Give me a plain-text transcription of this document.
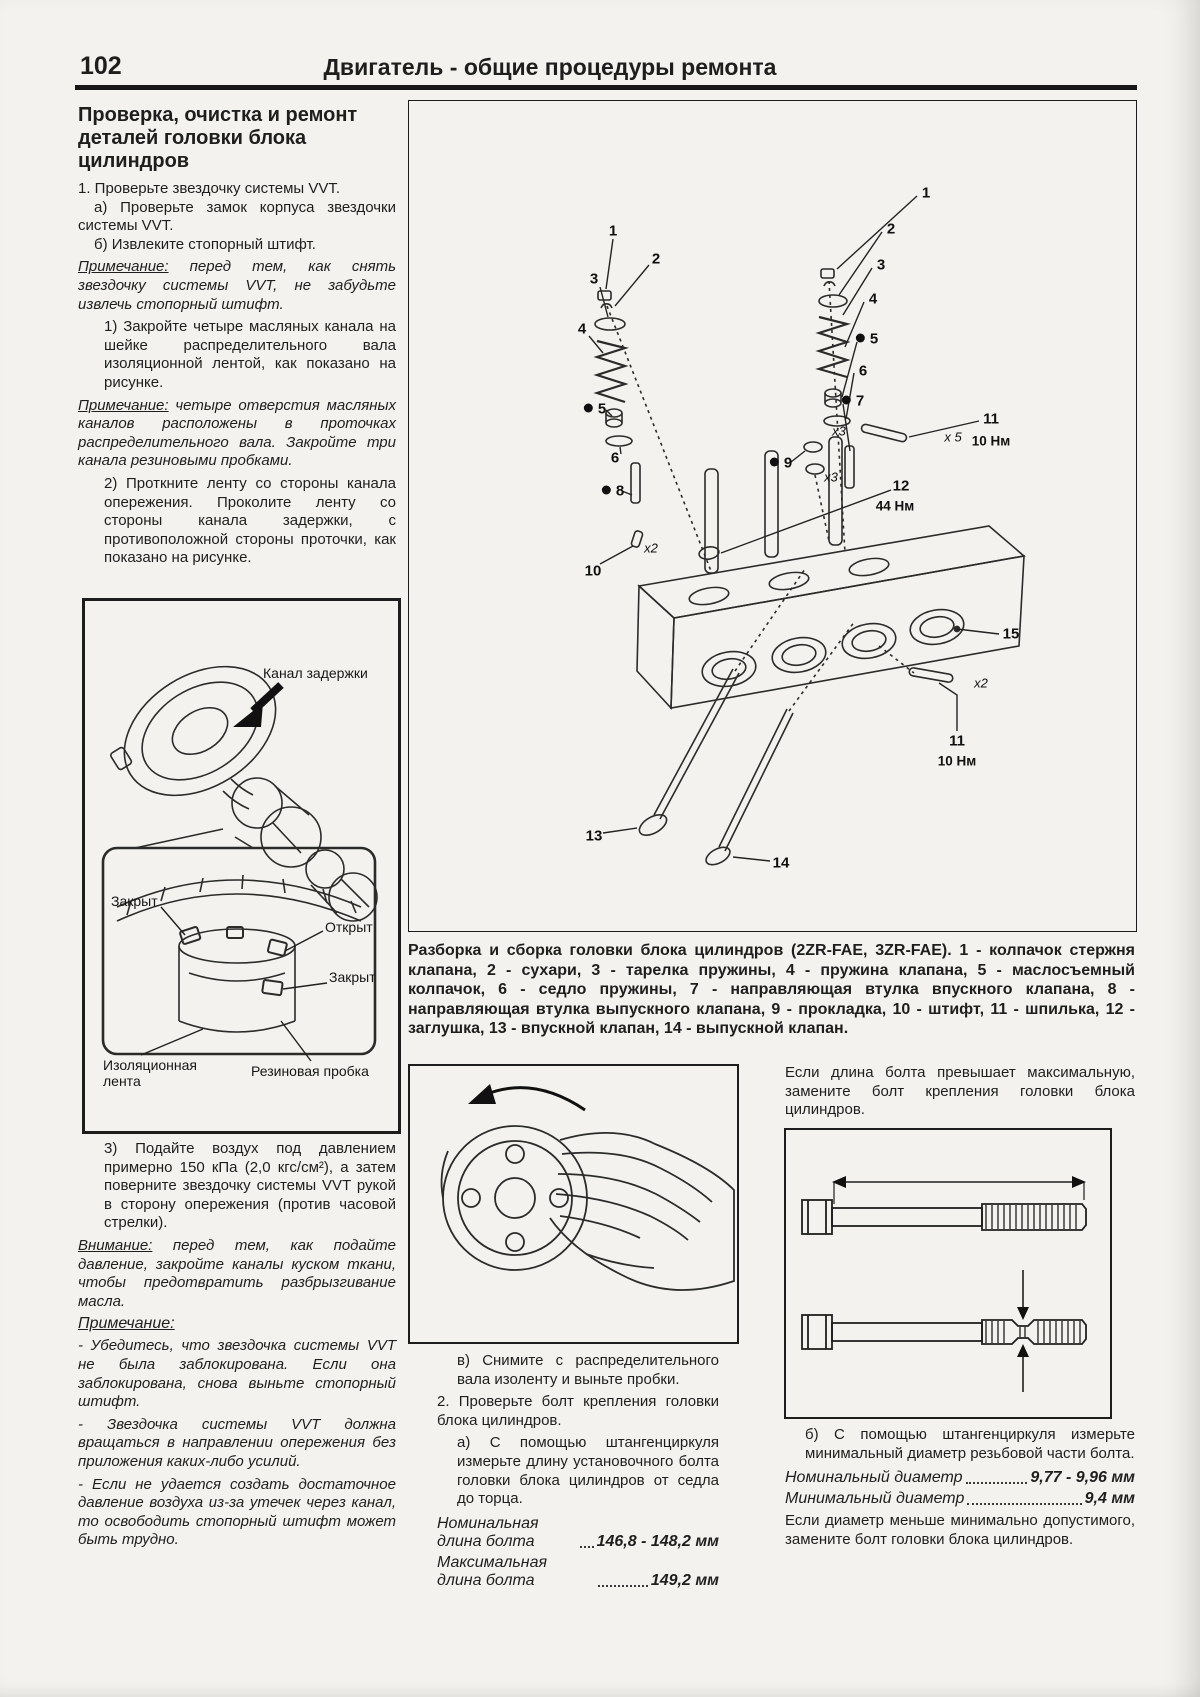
102	Двигатель - общие процедуры ремонта
Проверка, очистка и ремонт деталей головки блока цилиндров

1. Проверьте звездочку системы VVT.

а) Проверьте замок корпуса звездочки системы VVT.

б) Извлеките стопорный штифт.

Примечание: перед тем, как снять звездочку системы VVT, не забудьте извлечь стопорный штифт.

1) Закройте четыре масляных канала на шейке распределительного вала изоляционной лентой, как показано на рисунке.

Примечание: четыре отверстия масляных каналов расположены в проточках распределительного вала. Закройте три канала резиновыми пробками.

2) Проткните ленту со стороны канала опережения. Проколите ленту со стороны канала задержки, с противоположной стороны проточки, как показано на рисунке.

Канал задержки
Закрыт
Открыт
Закрыт
Изоляционная лента
Резиновая пробка

3) Подайте воздух под давлением примерно 150 кПа (2,0 кгс/см²), а затем поверните звездочку системы VVT рукой в сторону опережения (против часовой стрелки).

Внимание: перед тем, как подайте давление, закройте каналы куском ткани, чтобы предотвратить разбрызгивание масла.

Примечание:

- Убедитесь, что звездочка системы VVT не была заблокирована. Если она заблокирована, снова выньте стопорный штифт.

- Звездочка системы VVT должна вращаться в направлении опережения без приложения каких-либо усилий.

- Если не удается создать достаточное давление воздуха из-за утечек через канал, то освободить стопорный штифт может быть трудно.

1
2
3
4
5
6
8
10
x2
1
2
3
4
5
6
7
x3
9
x3
11
x 5 10 Нм
12
44 Нм
15
x2
11
10 Нм
13
14

Разборка и сборка головки блока цилиндров (2ZR-FAE, 3ZR-FAE). 1 - колпачок стержня клапана, 2 - сухари, 3 - тарелка пружины, 4 - пружина клапана, 5 - маслосъемный колпачок, 6 - седло пружины, 7 - направляющая втулка впускного клапана, 8 - направляющая втулка выпускного клапана, 9 - прокладка, 10 - штифт, 11 - шпилька, 12 - заглушка, 13 - впускной клапан, 14 - выпускной клапан.

в) Снимите с распределительного вала изоленту и выньте пробки.

2. Проверьте болт крепления головки блока цилиндров.

а) С помощью штангенциркуля измерьте длину установочного болта головки блока цилиндров от седла до торца.

Номинальная длина болта	146,8 - 148,2 мм
Максимальная длина болта	149,2 мм

Если длина болта превышает максимальную, замените болт крепления головки блока цилиндров.

б) С помощью штангенциркуля измерьте минимальный диаметр резьбовой части болта.

Номинальный диаметр	9,77 - 9,96 мм
Минимальный диаметр	9,4 мм

Если диаметр меньше минимально допустимого, замените болт головки блока цилиндров.
